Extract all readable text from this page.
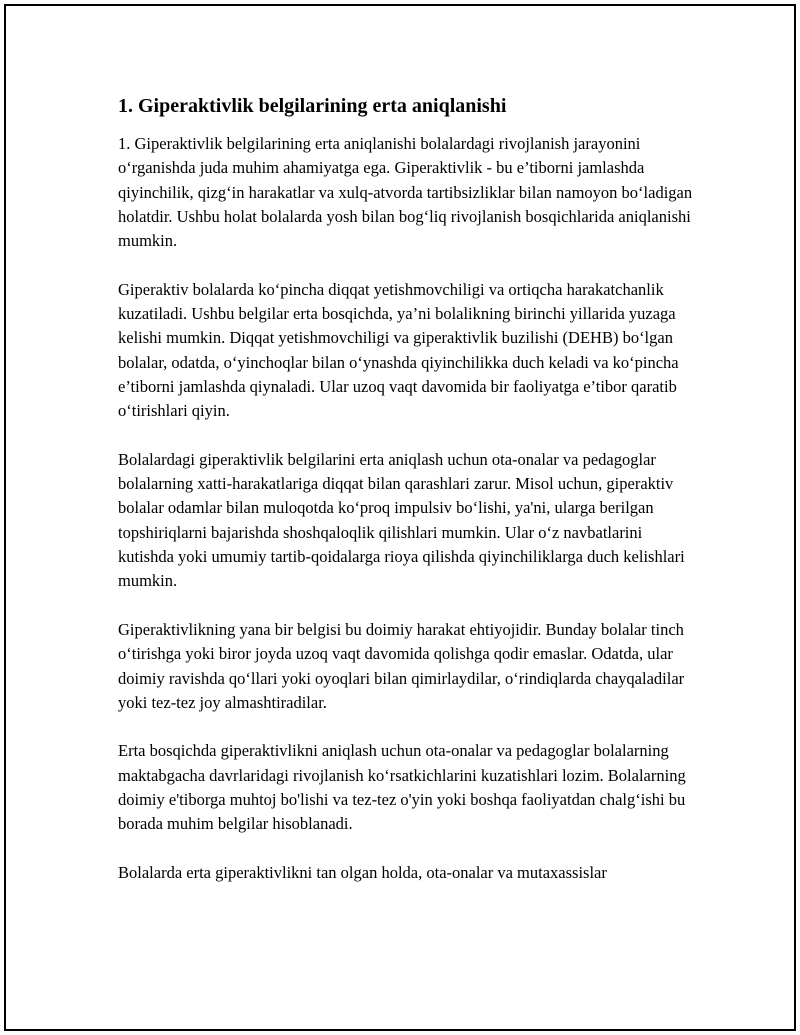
1. Giperaktivlik belgilarining erta aniqlanishi

1. Giperaktivlik belgilarining erta aniqlanishi bolalardagi rivojlanish jarayonini o‘rganishda juda muhim ahamiyatga ega. Giperaktivlik - bu e’tiborni jamlashda qiyinchilik, qizg‘in harakatlar va xulq-atvorda tartibsizliklar bilan namoyon bo‘ladigan holatdir. Ushbu holat bolalarda yosh bilan bog‘liq rivojlanish bosqichlarida aniqlanishi mumkin.

Giperaktiv bolalarda ko‘pincha diqqat yetishmovchiligi va ortiqcha harakatchanlik kuzatiladi. Ushbu belgilar erta bosqichda, ya’ni bolalikning birinchi yillarida yuzaga kelishi mumkin. Diqqat yetishmovchiligi va giperaktivlik buzilishi (DEHB) bo‘lgan bolalar, odatda, o‘yinchoqlar bilan o‘ynashda qiyinchilikka duch keladi va ko‘pincha e’tiborni jamlashda qiynaladi. Ular uzoq vaqt davomida bir faoliyatga e’tibor qaratib o‘tirishlari qiyin.

Bolalardagi giperaktivlik belgilarini erta aniqlash uchun ota-onalar va pedagoglar bolalarning xatti-harakatlariga diqqat bilan qarashlari zarur. Misol uchun, giperaktiv bolalar odamlar bilan muloqotda ko‘proq impulsiv bo‘lishi, ya'ni, ularga berilgan topshiriqlarni bajarishda shoshqaloqlik qilishlari mumkin. Ular o‘z navbatlarini kutishda yoki umumiy tartib-qoidalarga rioya qilishda qiyinchiliklarga duch kelishlari mumkin.

Giperaktivlikning yana bir belgisi bu doimiy harakat ehtiyojidir. Bunday bolalar tinch o‘tirishga yoki biror joyda uzoq vaqt davomida qolishga qodir emaslar. Odatda, ular doimiy ravishda qo‘llari yoki oyoqlari bilan qimirlaydilar, o‘rindiqlarda chayqaladilar yoki tez-tez joy almashtiradilar.

Erta bosqichda giperaktivlikni aniqlash uchun ota-onalar va pedagoglar bolalarning maktabgacha davrlaridagi rivojlanish ko‘rsatkichlarini kuzatishlari lozim. Bolalarning doimiy e'tiborga muhtoj bo'lishi va tez-tez o'yin yoki boshqa faoliyatdan chalg‘ishi bu borada muhim belgilar hisoblanadi.

Bolalarda erta giperaktivlikni tan olgan holda, ota-onalar va mutaxassislar
